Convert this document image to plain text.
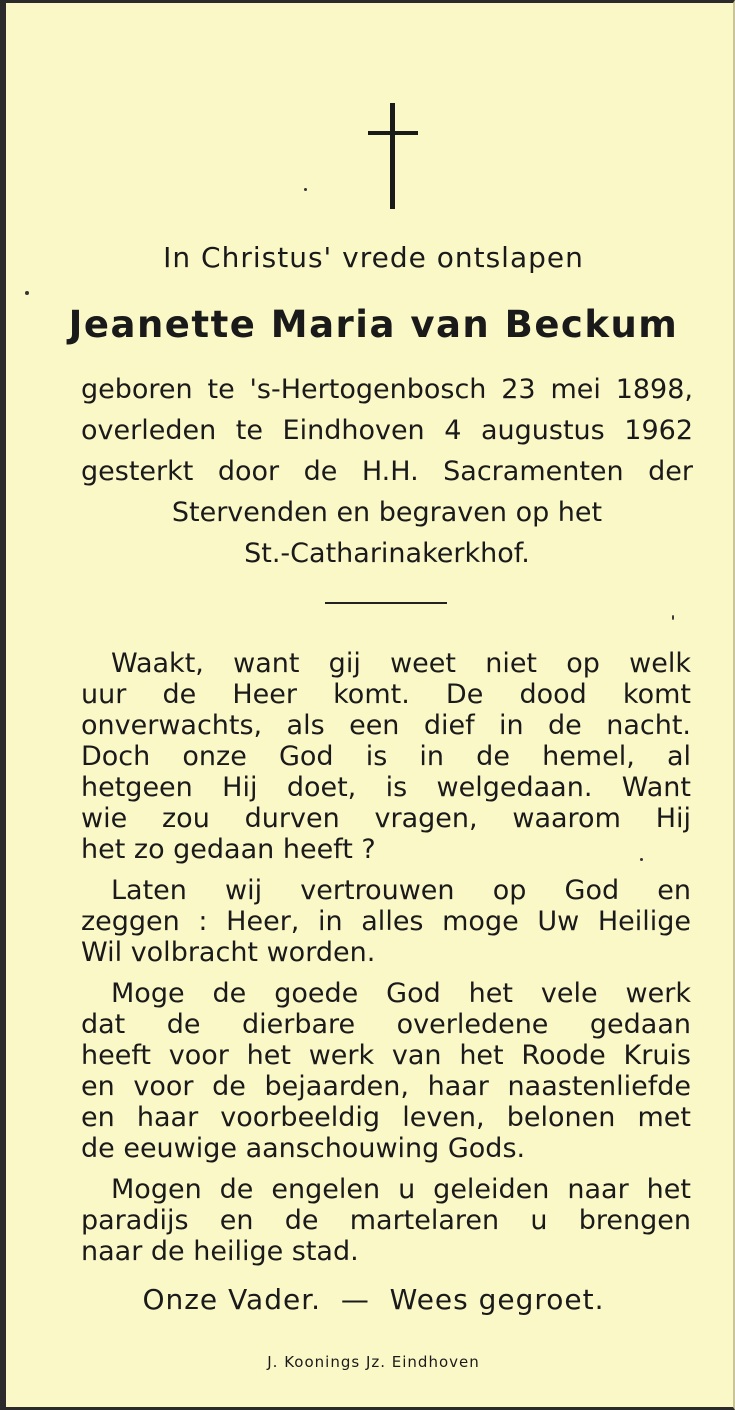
In Christus' vrede ontslapen
Jeanette Maria van Beckum
geboren te 's-Hertogenbosch 23 mei 1898,
overleden te Eindhoven 4 augustus 1962
gesterkt door de H.H. Sacramenten der
Stervenden en begraven op het
St.-Catharinakerkhof.

Waakt, want gij weet niet op welk
uur de Heer komt. De dood komt
onverwachts, als een dief in de nacht.
Doch onze God is in de hemel, al
hetgeen Hij doet, is welgedaan. Want
wie zou durven vragen, waarom Hij
het zo gedaan heeft ?

Laten wij vertrouwen op God en
zeggen : Heer, in alles moge Uw Heilige
Wil volbracht worden.

Moge de goede God het vele werk
dat de dierbare overledene gedaan
heeft voor het werk van het Roode Kruis
en voor de bejaarden, haar naastenliefde
en haar voorbeeldig leven, belonen met
de eeuwige aanschouwing Gods.

Mogen de engelen u geleiden naar het
paradijs en de martelaren u brengen
naar de heilige stad.

Onze Vader.  —  Wees gegroet.
J. Koonings Jz. Eindhoven
